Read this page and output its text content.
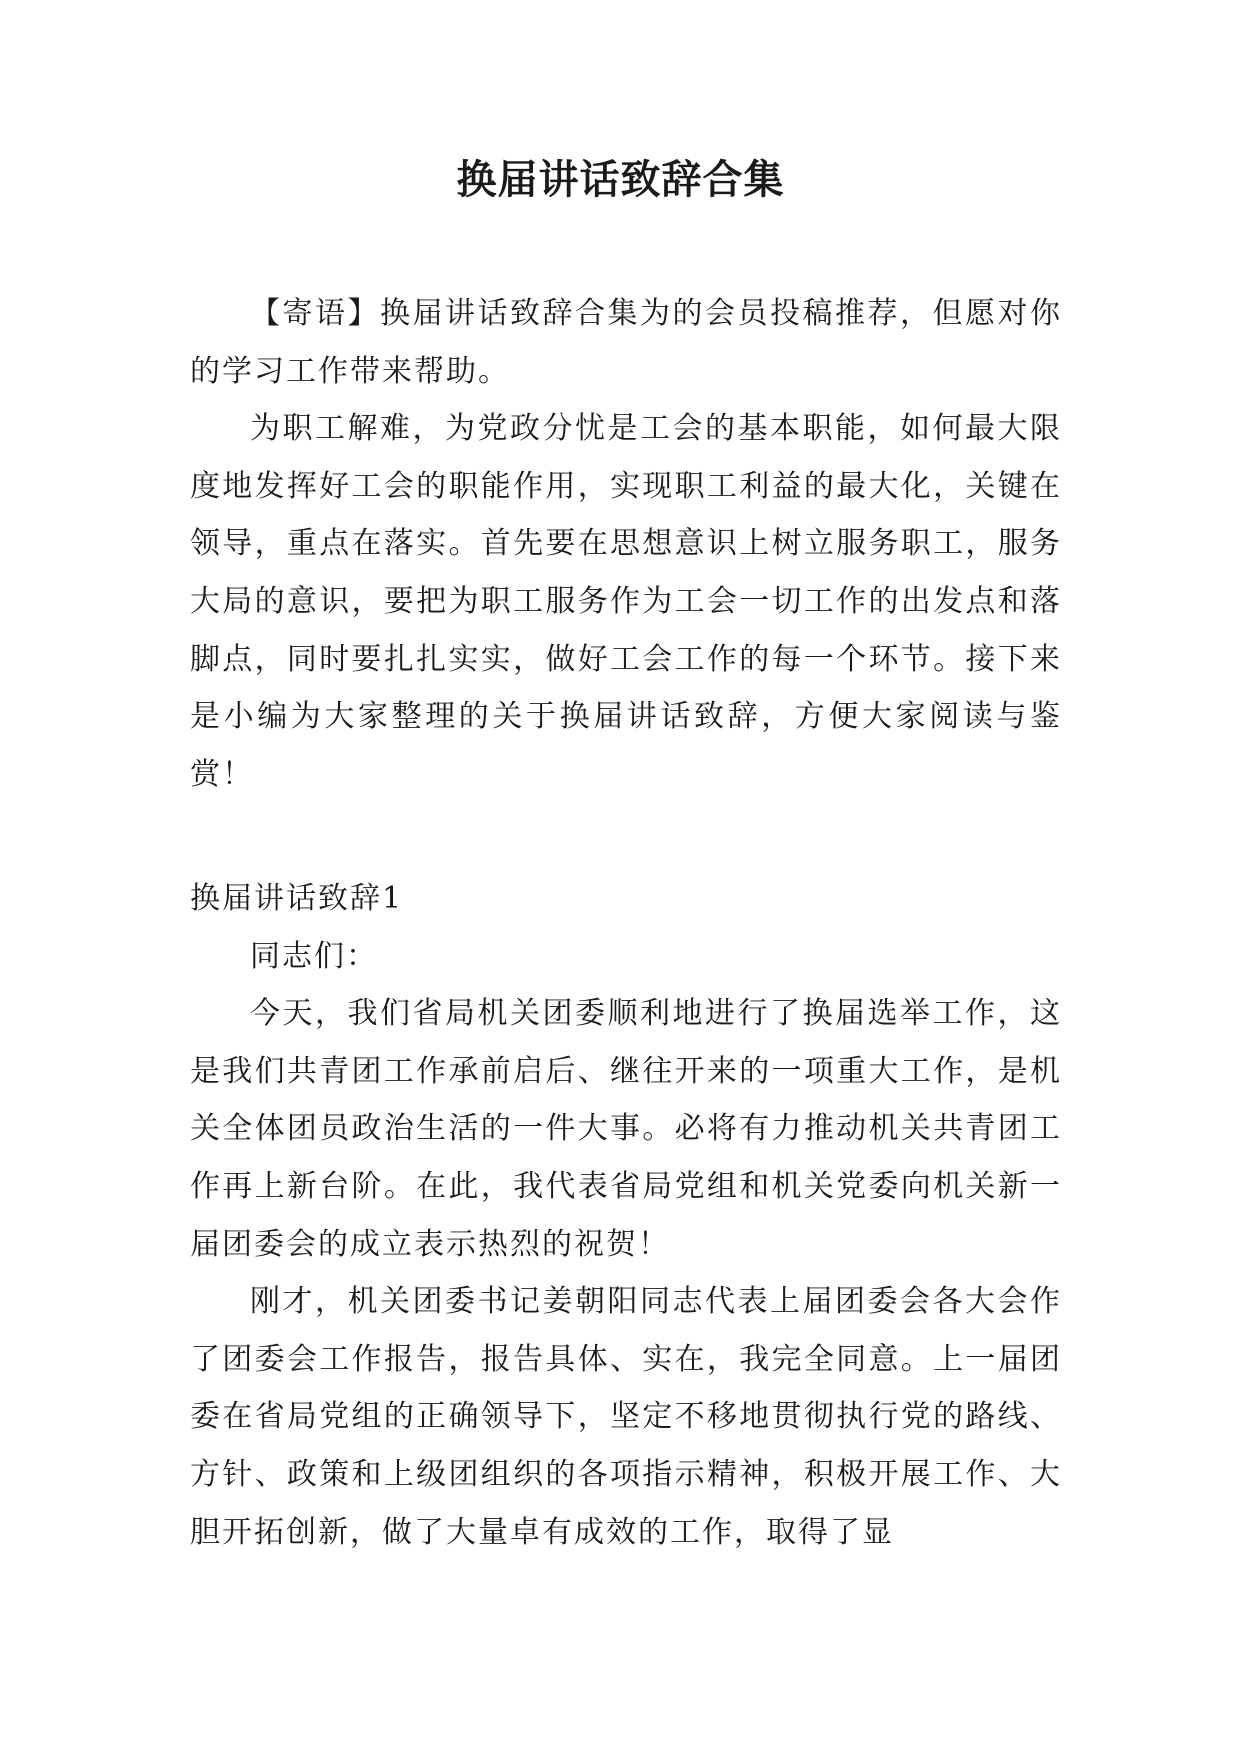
换届讲话致辞合集

【寄语】换届讲话致辞合集为的会员投稿推荐，但愿对你的学习工作带来帮助。

为职工解难，为党政分忧是工会的基本职能，如何最大限度地发挥好工会的职能作用，实现职工利益的最大化，关键在领导，重点在落实。首先要在思想意识上树立服务职工，服务大局的意识，要把为职工服务作为工会一切工作的出发点和落脚点，同时要扎扎实实，做好工会工作的每一个环节。接下来是小编为大家整理的关于换届讲话致辞，方便大家阅读与鉴赏！

换届讲话致辞1

同志们：

今天，我们省局机关团委顺利地进行了换届选举工作，这是我们共青团工作承前启后、继往开来的一项重大工作，是机关全体团员政治生活的一件大事。必将有力推动机关共青团工作再上新台阶。在此，我代表省局党组和机关党委向机关新一届团委会的成立表示热烈的祝贺！

刚才，机关团委书记姜朝阳同志代表上届团委会各大会作了团委会工作报告，报告具体、实在，我完全同意。上一届团委在省局党组的正确领导下，坚定不移地贯彻执行党的路线、方针、政策和上级团组织的各项指示精神，积极开展工作、大胆开拓创新，做了大量卓有成效的工作，取得了显
